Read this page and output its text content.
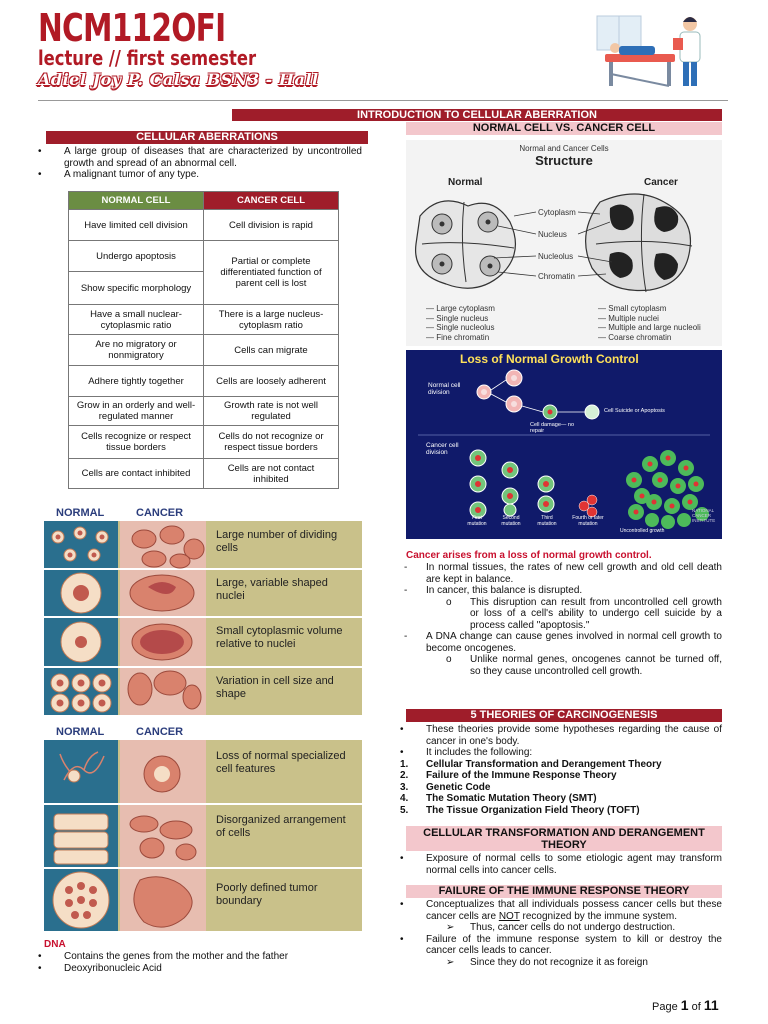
NCM112OFI
lecture // first semester
Adiel Joy P. Calsa BSN3 - Hall
INTRODUCTION TO CELLULAR ABERRATION
CELLULAR ABERRATIONS
• A large group of diseases that are characterized by uncontrolled growth and spread of an abnormal cell.
• A malignant tumor of any type.
NORMAL CELL	CANCER CELL
Have limited cell division	Cell division is rapid
Undergo apoptosis	Partial or complete differentiated function of parent cell is lost
Show specific morphology	
Have a small nuclear-cytoplasmic ratio	There is a large nucleus-cytoplasm ratio
Are no migratory or nonmigratory	Cells can migrate
Adhere tightly together	Cells are loosely adherent
Grow in an orderly and well-regulated manner	Growth rate is not well regulated
Cells recognize or respect tissue borders	Cells do not recognize or respect tissue borders
Cells are contact inhibited	Cells are not contact inhibited
NORMAL	CANCER
Large number of dividing cells
Large, variable shaped nuclei
Small cytoplasmic volume relative to nuclei
Variation in cell size and shape
NORMAL	CANCER
Loss of normal specialized cell features
Disorganized arrangement of cells
Poorly defined tumor boundary
DNA
• Contains the genes from the mother and the father
• Deoxyribonucleic Acid
NORMAL CELL VS. CANCER CELL
Normal and Cancer Cells
Structure
Normal	Cancer
Cytoplasm
Nucleus
Nucleolus
Chromatin
— Large cytoplasm
— Single nucleus
— Single nucleolus
— Fine chromatin
— Small cytoplasm
— Multiple nuclei
— Multiple and large nucleoli
— Coarse chromatin
Loss of Normal Growth Control
Normal cell division
Cancer cell division
Cell damage— no repair
Cell Suicide or Apoptosis
First mutation
Second mutation
Third mutation
Fourth or later mutation
Uncontrolled growth
NATIONAL CANCER INSTITUTE
Cancer arises from a loss of normal growth control.
- In normal tissues, the rates of new cell growth and old cell death are kept in balance.
- In cancer, this balance is disrupted.
o This disruption can result from uncontrolled cell growth or loss of a cell's ability to undergo cell suicide by a process called "apoptosis."
- A DNA change can cause genes involved in normal cell growth to become oncogenes.
o Unlike normal genes, oncogenes cannot be turned off, so they cause uncontrolled cell growth.
5 THEORIES OF CARCINOGENESIS
• These theories provide some hypotheses regarding the cause of cancer in one's body.
• It includes the following:
1. Cellular Transformation and Derangement Theory
2. Failure of the Immune Response Theory
3. Genetic Code
4. The Somatic Mutation Theory (SMT)
5. The Tissue Organization Field Theory (TOFT)
CELLULAR TRANSFORMATION AND DERANGEMENT THEORY
• Exposure of normal cells to some etiologic agent may transform normal cells into cancer cells.
FAILURE OF THE IMMUNE RESPONSE THEORY
• Conceptualizes that all individuals possess cancer cells but these cancer cells are NOT recognized by the immune system.
➢ Thus, cancer cells do not undergo destruction.
• Failure of the immune response system to kill or destroy the cancer cells leads to cancer.
➢ Since they do not recognize it as foreign
Page 1 of 11
